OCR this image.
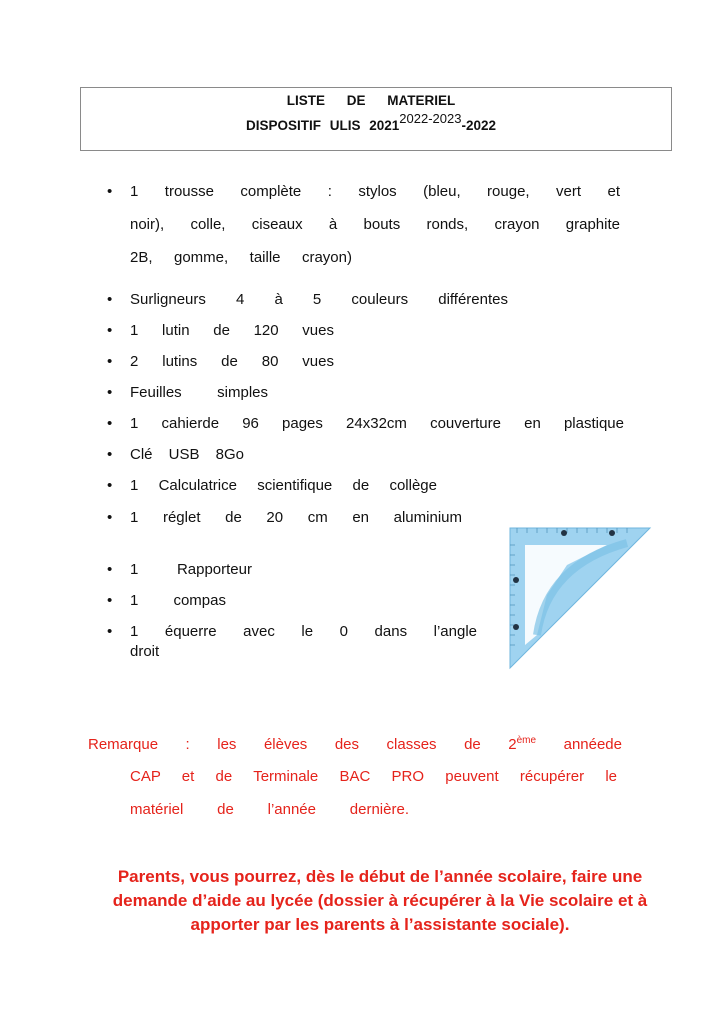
LISTE DE MATERIEL
DISPOSITIF ULIS $2021^{2022-2023}-2022$
• 1 trousse complète : stylos (bleu, rouge, vert et
noir), colle, ciseaux à bouts ronds, crayon graphite
2B, gomme, taille crayon)
• Surligneurs 4 à 5 couleurs différentes
• 1 lutin de 120 vues
• 2 lutins de 80 vues
• Feuilles simples
• 1 cahierde 96 pages 24x32cm couverture en plastique
• Clé USB 8Go
• 1 Calculatrice scientifique de collège
• 1 réglet de 20 cm en aluminium
• 1 Rapporteur
• 1 compas
• 1 équerre avec le 0 dans l’angle
droit
Remarque : les élèves des classes de 2ème annéede
CAP et de Terminale BAC PRO peuvent récupérer le
matériel de l’année dernière.
Parents, vous pourrez, dès le début de l’année scolaire, faire une
demande d’aide au lycée (dossier à récupérer à la Vie scolaire et à
apporter par les parents à l’assistante sociale).
